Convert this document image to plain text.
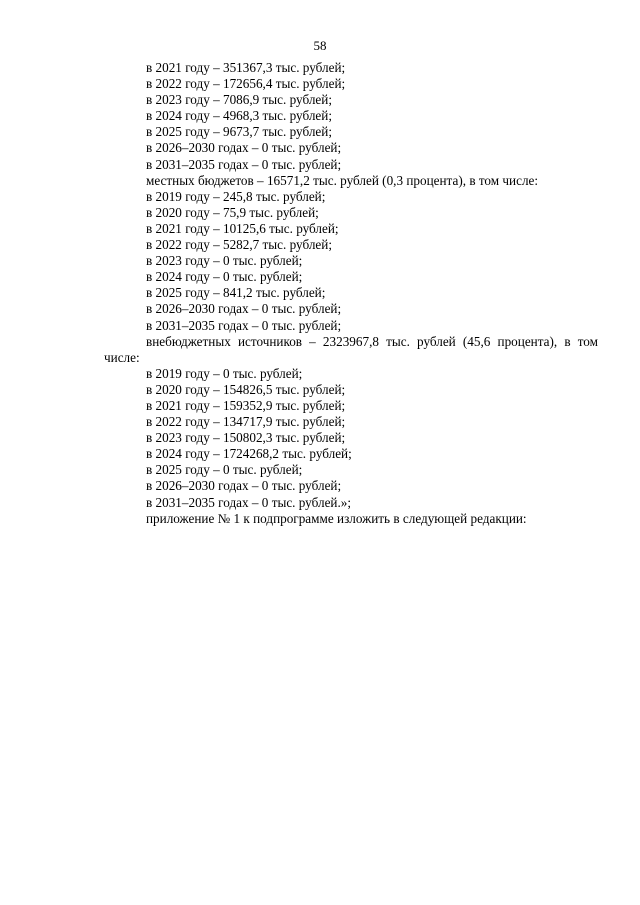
58
в 2021 году – 351367,3 тыс. рублей;
в 2022 году – 172656,4 тыс. рублей;
в 2023 году – 7086,9 тыс. рублей;
в 2024 году – 4968,3 тыс. рублей;
в 2025 году – 9673,7 тыс. рублей;
в 2026–2030 годах – 0 тыс. рублей;
в 2031–2035 годах – 0 тыс. рублей;
местных бюджетов – 16571,2 тыс. рублей (0,3 процента), в том числе:
в 2019 году – 245,8 тыс. рублей;
в 2020 году – 75,9 тыс. рублей;
в 2021 году – 10125,6 тыс. рублей;
в 2022 году – 5282,7 тыс. рублей;
в 2023 году – 0 тыс. рублей;
в 2024 году – 0 тыс. рублей;
в 2025 году – 841,2 тыс. рублей;
в 2026–2030 годах – 0 тыс. рублей;
в 2031–2035 годах – 0 тыс. рублей;
внебюджетных источников – 2323967,8 тыс. рублей (45,6 процента), в том числе:
в 2019 году – 0 тыс. рублей;
в 2020 году – 154826,5 тыс. рублей;
в 2021 году – 159352,9 тыс. рублей;
в 2022 году – 134717,9 тыс. рублей;
в 2023 году – 150802,3 тыс. рублей;
в 2024 году – 1724268,2 тыс. рублей;
в 2025 году – 0 тыс. рублей;
в 2026–2030 годах – 0 тыс. рублей;
в 2031–2035 годах – 0 тыс. рублей.»;
приложение № 1 к подпрограмме изложить в следующей редакции:
